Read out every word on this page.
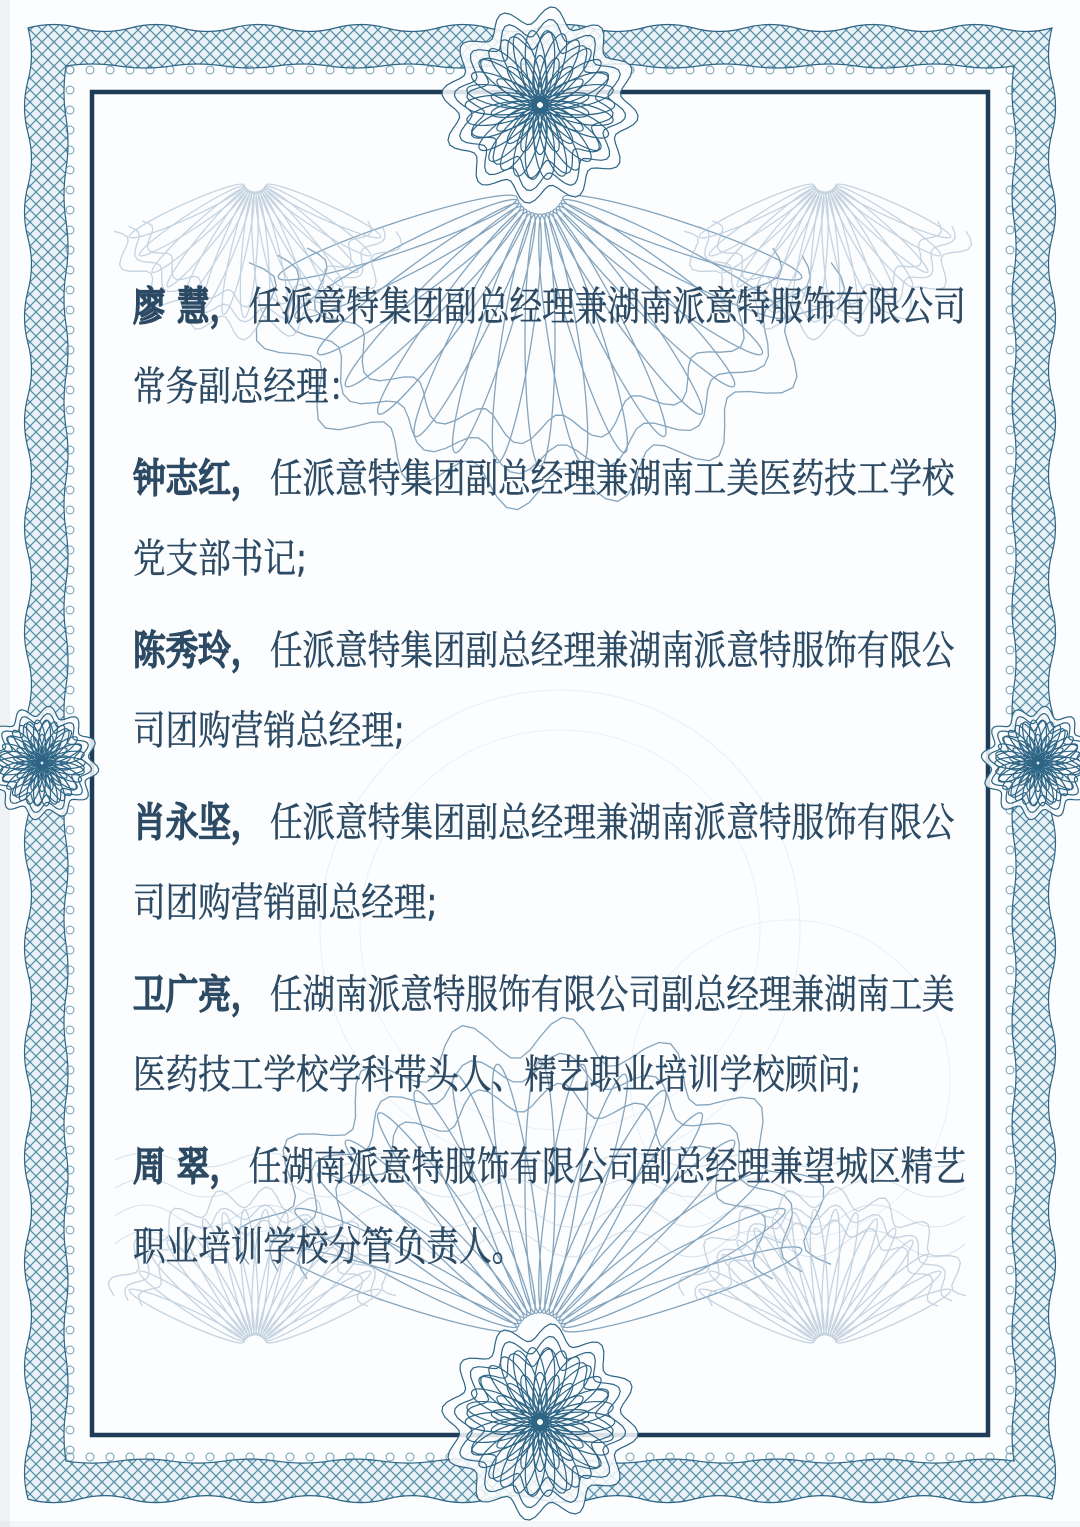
廖 慧， 任派意特集团副总经理兼湖南派意特服饰有限公司
常务副总经理：
钟志红， 任派意特集团副总经理兼湖南工美医药技工学校
党支部书记;
陈秀玲， 任派意特集团副总经理兼湖南派意特服饰有限公
司团购营销总经理;
肖永坚， 任派意特集团副总经理兼湖南派意特服饰有限公
司团购营销副总经理;
卫广亮， 任湖南派意特服饰有限公司副总经理兼湖南工美
医药技工学校学科带头人、精艺职业培训学校顾问;
周 翠， 任湖南派意特服饰有限公司副总经理兼望城区精艺
职业培训学校分管负责人。
